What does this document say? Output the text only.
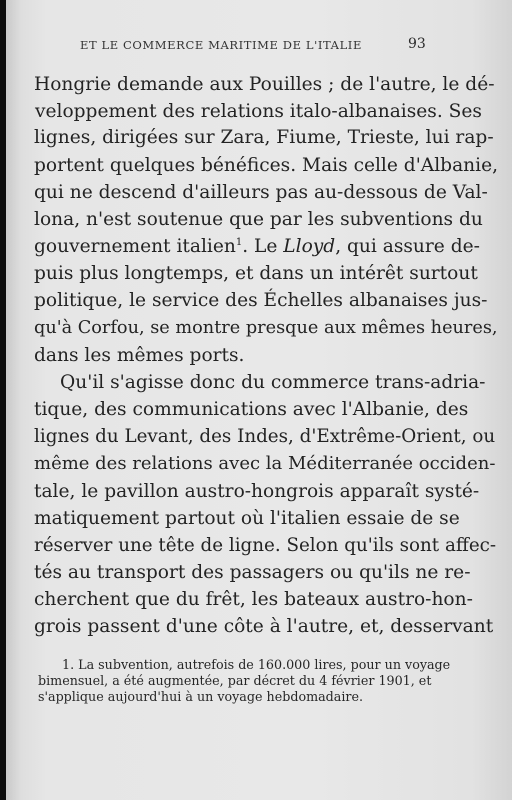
ET LE COMMERCE MARITIME DE L'ITALIE	93
Hongrie demande aux Pouilles ; de l'autre, le dé-
veloppement des relations italo-albanaises. Ses
lignes, dirigées sur Zara, Fiume, Trieste, lui rap-
portent quelques bénéfices. Mais celle d'Albanie,
qui ne descend d'ailleurs pas au-dessous de Val-
lona, n'est soutenue que par les subventions du
gouvernement italien$^1$. Le Lloyd, qui assure de-
puis plus longtemps, et dans un intérêt surtout
politique, le service des Échelles albanaises jus-
qu'à Corfou, se montre presque aux mêmes heures,
dans les mêmes ports.
Qu'il s'agisse donc du commerce trans-adria-
tique, des communications avec l'Albanie, des
lignes du Levant, des Indes, d'Extrême-Orient, ou
même des relations avec la Méditerranée occiden-
tale, le pavillon austro-hongrois apparaît systé-
matiquement partout où l'italien essaie de se
réserver une tête de ligne. Selon qu'ils sont affec-
tés au transport des passagers ou qu'ils ne re-
cherchent que du frêt, les bateaux austro-hon-
grois passent d'une côte à l'autre, et, desservant
1. La subvention, autrefois de 160.000 lires, pour un voyage
bimensuel, a été augmentée, par décret du 4 février 1901, et
s'applique aujourd'hui à un voyage hebdomadaire.
